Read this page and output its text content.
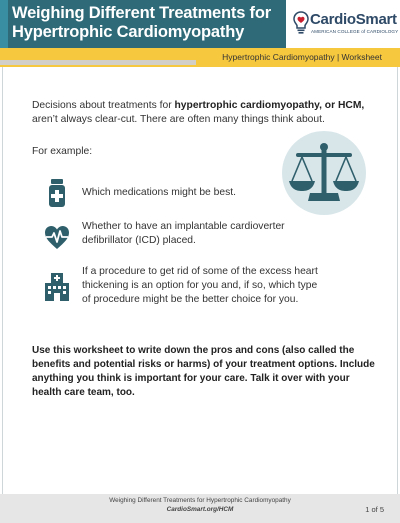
Weighing Different Treatments for Hypertrophic Cardiomyopathy
CardioSmart
AMERICAN COLLEGE of CARDIOLOGY
Hypertrophic Cardiomyopathy | Worksheet

Decisions about treatments for hypertrophic cardiomyopathy, or HCM, aren’t always clear-cut. There are often many things think about.

For example:
Which medications might be best.
Whether to have an implantable cardioverter defibrillator (ICD) placed.
If a procedure to get rid of some of the excess heart thickening is an option for you and, if so, which type of procedure might be the better choice for you.

Use this worksheet to write down the pros and cons (also called the benefits and potential risks or harms) of your treatment options. Include anything you think is important for your care. Talk it over with your health care team, too.

Weighing Different Treatments for Hypertrophic Cardiomyopathy
CardioSmart.org/HCM	1 of 5
